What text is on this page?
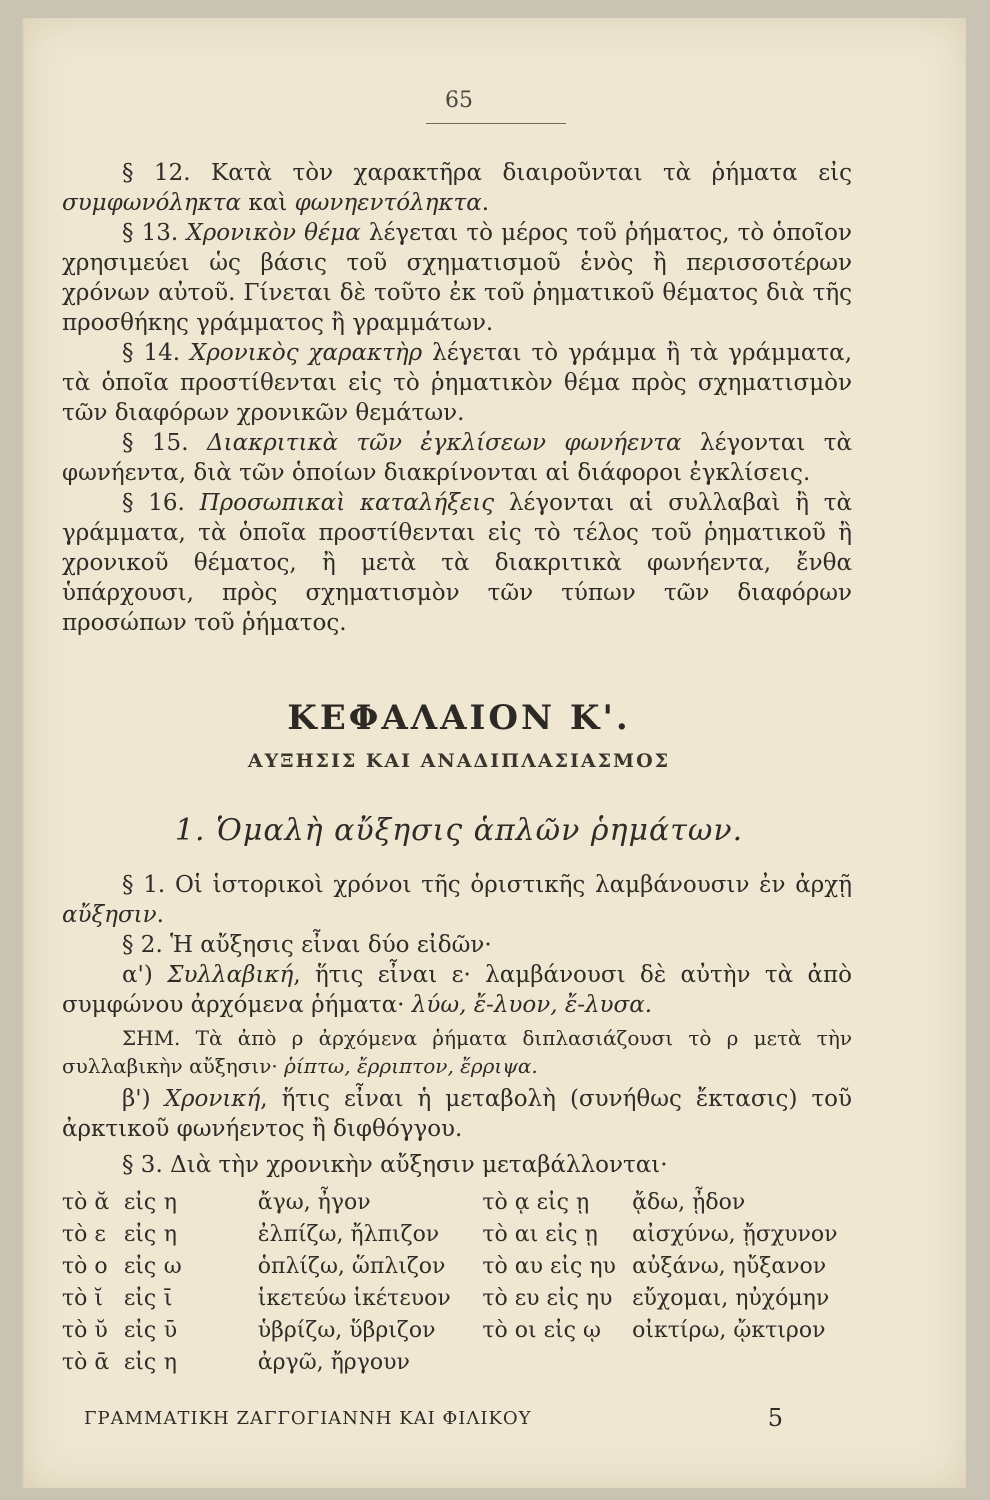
65

§ 12. Κατὰ τὸν χαρακτῆρα διαιροῦνται τὰ ῥήματα εἰς συμφωνόληκτα καὶ φωνηεντόληκτα.

§ 13. Χρονικὸν θέμα λέγεται τὸ μέρος τοῦ ῥήματος, τὸ ὁποῖον χρησιμεύει ὡς βάσις τοῦ σχηματισμοῦ ἑνὸς ἢ περισσοτέρων χρόνων αὐτοῦ. Γίνεται δὲ τοῦτο ἐκ τοῦ ῥηματικοῦ θέματος διὰ τῆς προσθήκης γράμματος ἢ γραμμάτων.

§ 14. Χρονικὸς χαρακτὴρ λέγεται τὸ γράμμα ἢ τὰ γράμματα, τὰ ὁποῖα προστίθενται εἰς τὸ ῥηματικὸν θέμα πρὸς σχηματισμὸν τῶν διαφόρων χρονικῶν θεμάτων.

§ 15. Διακριτικὰ τῶν ἐγκλίσεων φωνήεντα λέγονται τὰ φωνήεντα, διὰ τῶν ὁποίων διακρίνονται αἱ διάφοροι ἐγκλίσεις.

§ 16. Προσωπικαὶ καταλήξεις λέγονται αἱ συλλαβαὶ ἢ τὰ γράμματα, τὰ ὁποῖα προστίθενται εἰς τὸ τέλος τοῦ ῥηματικοῦ ἢ χρονικοῦ θέματος, ἢ μετὰ τὰ διακριτικὰ φωνήεντα, ἔνθα ὑπάρχουσι, πρὸς σχηματισμὸν τῶν τύπων τῶν διαφόρων προσώπων τοῦ ῥήματος.

ΚΕΦΑΛΑΙΟΝ Κ'.
ΑΥΞΗΣΙΣ ΚΑΙ ΑΝΑΔΙΠΛΑΣΙΑΣΜΟΣ
1. Ὁμαλὴ αὔξησις ἁπλῶν ῥημάτων.

§ 1. Οἱ ἱστορικοὶ χρόνοι τῆς ὁριστικῆς λαμβάνουσιν ἐν ἀρχῇ αὔξησιν.

§ 2. Ἡ αὔξησις εἶναι δύο εἰδῶν·

α') Συλλαβική, ἥτις εἶναι ε· λαμβάνουσι δὲ αὐτὴν τὰ ἀπὸ συμφώνου ἀρχόμενα ῥήματα· λύω, ἔ-λυον, ἔ-λυσα.

ΣΗΜ. Τὰ ἀπὸ ρ ἀρχόμενα ῥήματα διπλασιάζουσι τὸ ρ μετὰ τὴν συλλαβικὴν αὔξησιν· ῥίπτω, ἔρριπτον, ἔρριψα.

β') Χρονική, ἥτις εἶναι ἡ μεταβολὴ (συνήθως ἔκτασις) τοῦ ἀρκτικοῦ φωνήεντος ἢ διφθόγγου.

§ 3. Διὰ τὴν χρονικὴν αὔξησιν μεταβάλλονται·

τὸ ᾰ	εἰς	η	ἄγω, ἦγον	τὸ ᾳ εἰς ῃ	ᾄδω, ᾖδον
τὸ ε	εἰς	η	ἐλπίζω, ἤλπιζον	τὸ αι εἰς ῃ	αἰσχύνω, ᾔσχυνον
τὸ ο	εἰς	ω	ὁπλίζω, ὥπλιζον	τὸ αυ εἰς ηυ	αὐξάνω, ηὔξανον
τὸ ῐ	εἰς	ῑ	ἱκετεύω ἱκέτευον	τὸ ευ εἰς ηυ	εὔχομαι, ηὐχόμην
τὸ ῠ	εἰς	ῡ	ὑβρίζω, ὕβριζον	τὸ οι εἰς ῳ	οἰκτίρω, ᾤκτιρον
τὸ ᾱ	εἰς	η	ἀργῶ, ἤργουν		
ΓΡΑΜΜΑΤΙΚΗ ΖΑΓΓΟΓΙΑΝΝΗ ΚΑΙ ΦΙΛΙΚΟΥ	5
